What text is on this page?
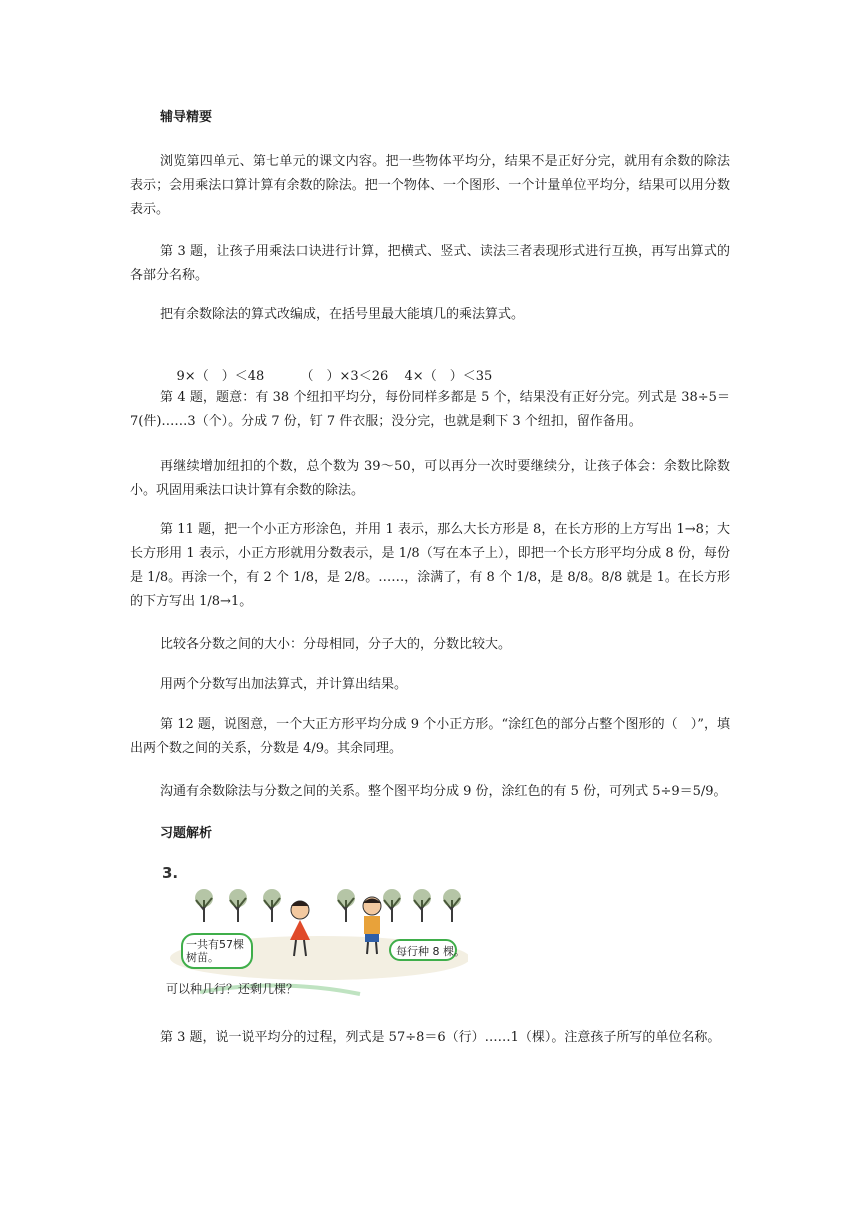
辅导精要
浏览第四单元、第七单元的课文内容。把一些物体平均分，结果不是正好分完，就用有余数的除法表示；会用乘法口算计算有余数的除法。把一个物体、一个图形、一个计量单位平均分，结果可以用分数表示。
第 3 题，让孩子用乘法口诀进行计算，把横式、竖式、读法三者表现形式进行互换，再写出算式的各部分名称。
把有余数除法的算式改编成，在括号里最大能填几的乘法算式。

9×（　）＜48	（　）×3＜26 4×（　）＜35

第 4 题，题意：有 38 个纽扣平均分，每份同样多都是 5 个，结果没有正好分完。列式是 38÷5＝7(件)……3（个）。分成 7 份，钉 7 件衣服；没分完，也就是剩下 3 个纽扣，留作备用。
再继续增加纽扣的个数，总个数为 39～50，可以再分一次时要继续分，让孩子体会：余数比除数小。巩固用乘法口诀计算有余数的除法。
第 11 题，把一个小正方形涂色，并用 1 表示，那么大长方形是 8，在长方形的上方写出 1→8；大长方形用 1 表示，小正方形就用分数表示，是 1/8（写在本子上），即把一个长方形平均分成 8 份，每份是 1/8。再涂一个，有 2 个 1/8，是 2/8。……，涂满了，有 8 个 1/8，是 8/8。8/8 就是 1。在长方形的下方写出 1/8→1。
比较各分数之间的大小：分母相同，分子大的，分数比较大。
用两个分数写出加法算式，并计算出结果。
第 12 题，说图意，一个大正方形平均分成 9 个小正方形。“涂红色的部分占整个图形的（　）”，填出两个数之间的关系，分数是 4/9。其余同理。
沟通有余数除法与分数之间的关系。整个图平均分成 9 份，涂红色的有 5 份，可列式 5÷9＝5/9。
习题解析
3.
一共有57棵树苗。	每行种 8 棵。
可以种几行？还剩几棵？
第 3 题，说一说平均分的过程，列式是 57÷8＝6（行）……1（棵）。注意孩子所写的单位名称。
